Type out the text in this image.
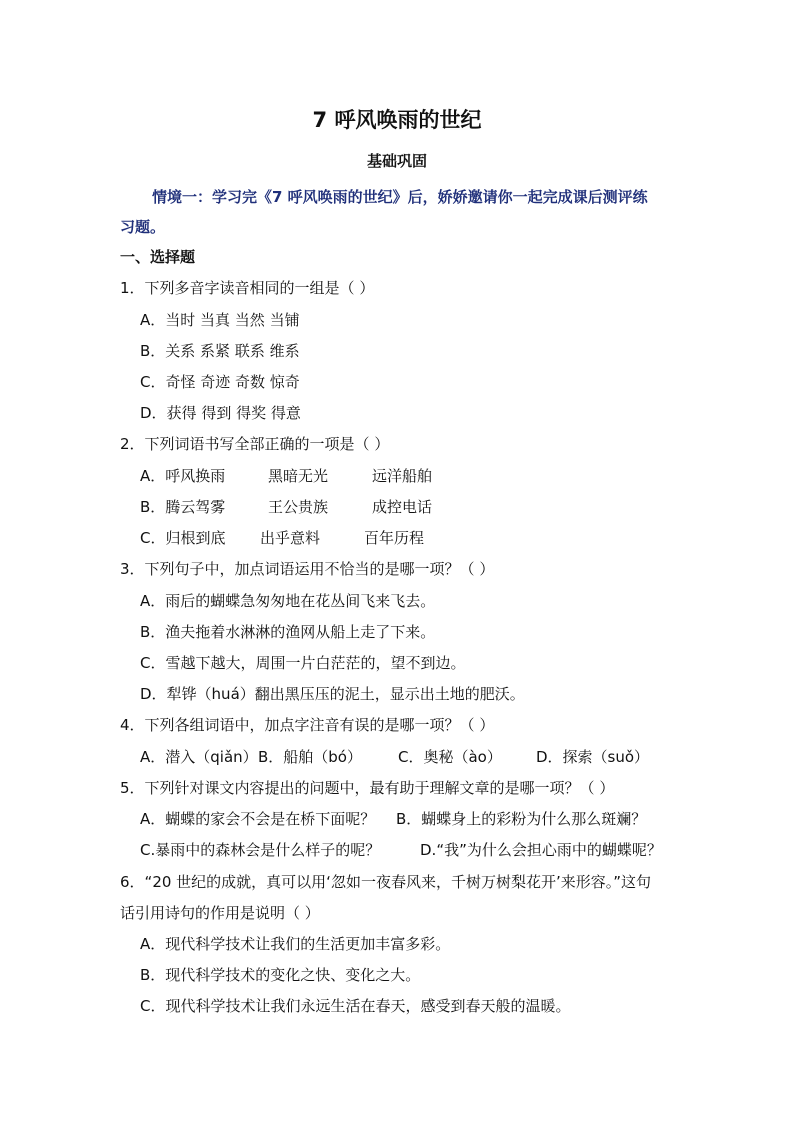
7 呼风唤雨的世纪
基础巩固
情境一：学习完《7 呼风唤雨的世纪》后，娇娇邀请你一起完成课后测评练
习题。
一、选择题
1．下列多音字读音相同的一组是（ ）
A．当时 当真 当然 当铺
B．关系 系紧 联系 维系
C．奇怪 奇迹 奇数 惊奇
D．获得 得到 得奖 得意
2．下列词语书写全部正确的一项是（ ）
A．呼风换雨	黑暗无光	远洋船舶
B．腾云驾雾	王公贵族	成控电话
C．归根到底 出乎意料	百年历程
3．下列句子中，加点词语运用不恰当的是哪一项？（ ）
A．雨后的蝴蝶急匆匆地在花丛间飞来飞去。
B．渔夫拖着水淋淋的渔网从船上走了下来。
C．雪越下越大，周围一片白茫茫的，望不到边。
D．犁铧（huá）翻出黑压压的泥土，显示出土地的肥沃。
4．下列各组词语中，加点字注音有误的是哪一项？（ ）
A．潜入（qiǎn）B．船舶（bó） C．奥秘（ào） D．探索（suǒ）
5．下列针对课文内容提出的问题中，最有助于理解文章的是哪一项？（ ）
A．蝴蝶的家会不会是在桥下面呢？ B．蝴蝶身上的彩粉为什么那么斑斓？
C.暴雨中的森林会是什么样子的呢？	D.“我”为什么会担心雨中的蝴蝶呢？
6．“20 世纪的成就，真可以用‘忽如一夜春风来，千树万树梨花开’来形容。”这句
话引用诗句的作用是说明（ ）
A．现代科学技术让我们的生活更加丰富多彩。
B．现代科学技术的变化之快、变化之大。
C．现代科学技术让我们永远生活在春天，感受到春天般的温暖。
